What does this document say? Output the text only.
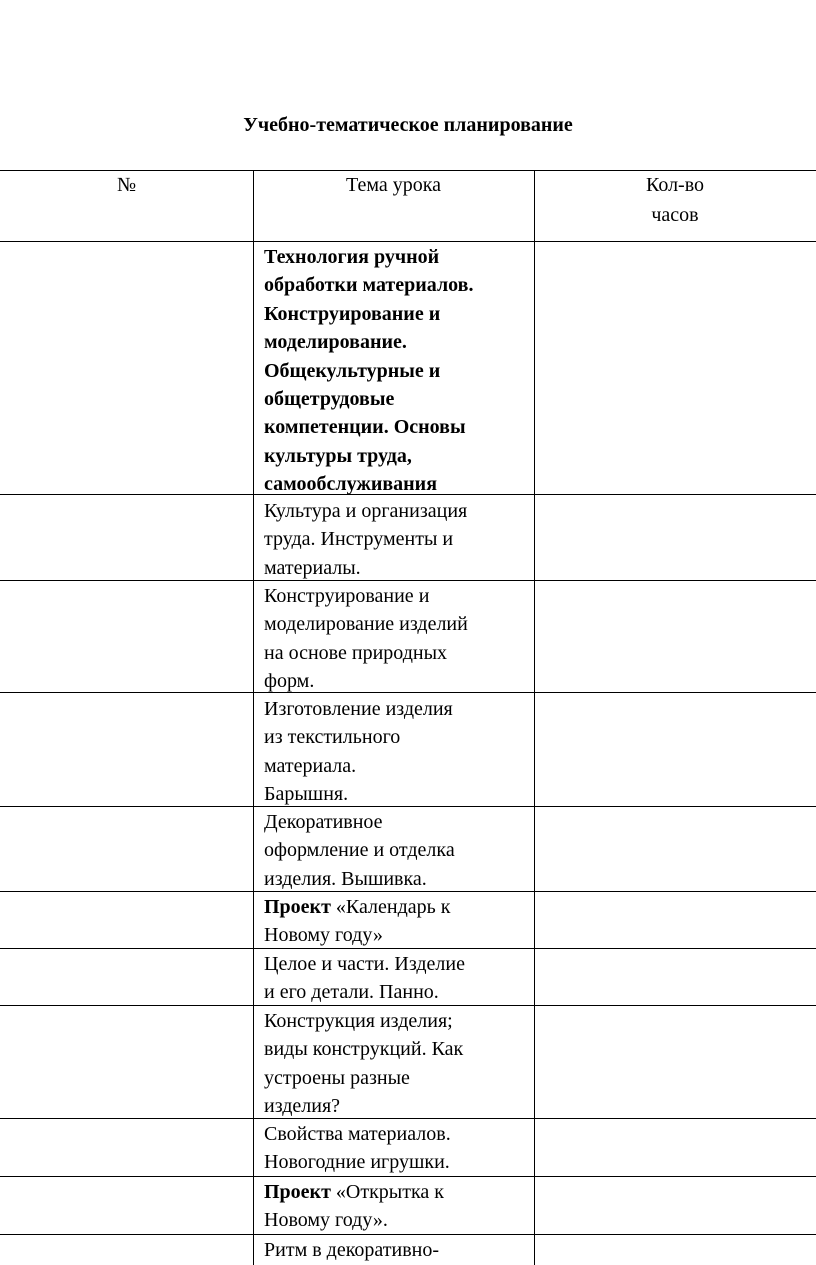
Учебно-тематическое планирование
№	Тема урока	Кол-во
часов
Технология ручной
обработки материалов.
Конструирование и
моделирование.
Общекультурные и
общетрудовые
компетенции. Основы
культуры труда,
самообслуживания
Культура и организация
труда. Инструменты и
материалы.
Конструирование и
моделирование изделий
на основе природных
форм.
Изготовление изделия
из текстильного
материала.
Барышня.
Декоративное
оформление и отделка
изделия. Вышивка.
Проект «Календарь к
Новому году»
Целое и части. Изделие
и его детали. Панно.
Конструкция изделия;
виды конструкций. Как
устроены разные
изделия?
Свойства материалов.
Новогодние игрушки.
Проект «Открытка к
Новому году».
Ритм в декоративно-
